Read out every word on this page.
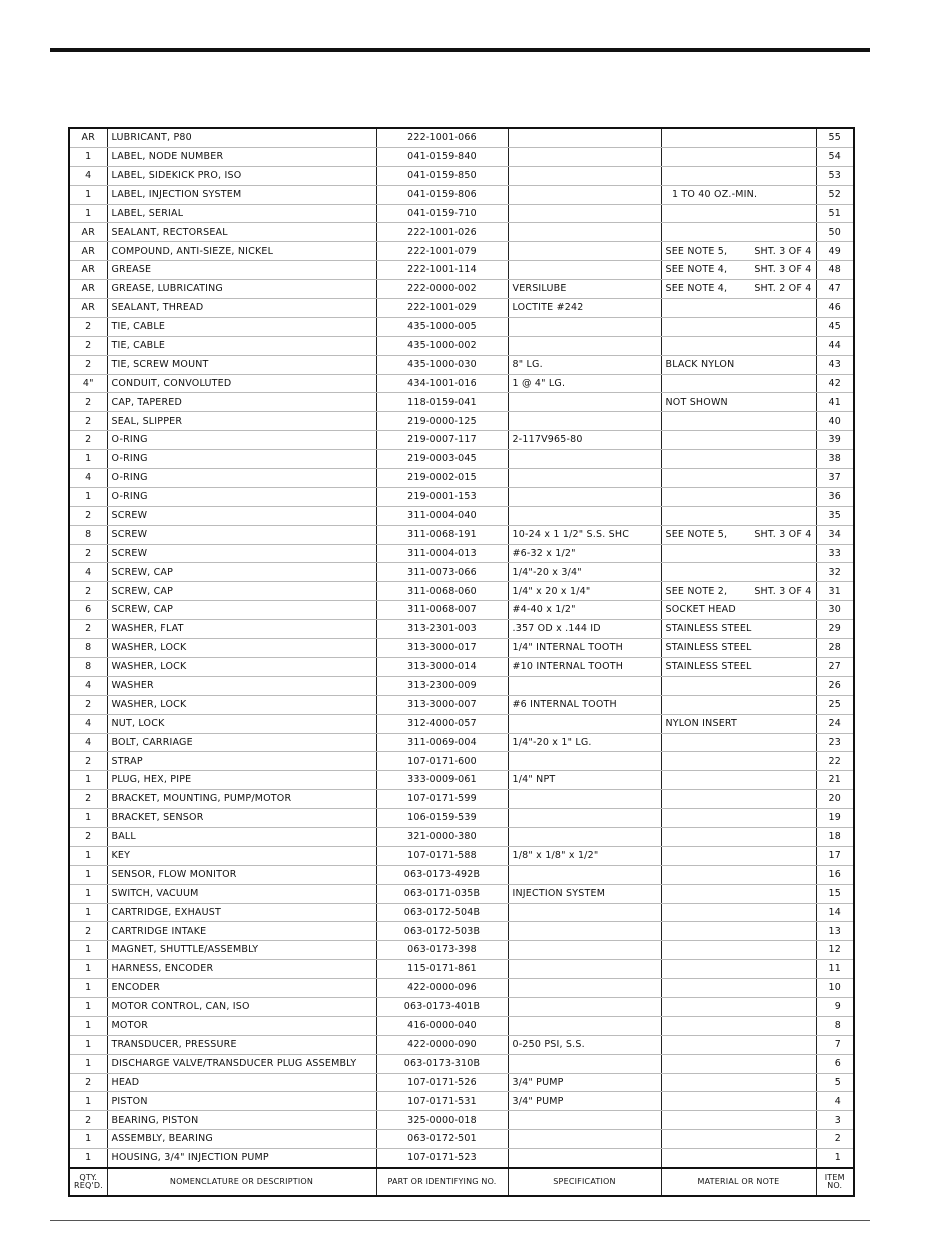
AR	LUBRICANT, P80	222-1001-066			55
1	LABEL, NODE NUMBER	041-0159-840			54
4	LABEL, SIDEKICK PRO, ISO	041-0159-850			53
1	LABEL, INJECTION SYSTEM	041-0159-806		1 TO 40 OZ.-MIN.	52
1	LABEL, SERIAL	041-0159-710			51
AR	SEALANT, RECTORSEAL	222-1001-026			50
AR	COMPOUND, ANTI-SIEZE, NICKEL	222-1001-079		SEE NOTE 5, SHT. 3 OF 4	49
AR	GREASE	222-1001-114		SEE NOTE 4, SHT. 3 OF 4	48
AR	GREASE, LUBRICATING	222-0000-002	VERSILUBE	SEE NOTE 4, SHT. 2 OF 4	47
AR	SEALANT, THREAD	222-1001-029	LOCTITE #242		46
2	TIE, CABLE	435-1000-005			45
2	TIE, CABLE	435-1000-002			44
2	TIE, SCREW MOUNT	435-1000-030	8" LG.	BLACK NYLON	43
4"	CONDUIT, CONVOLUTED	434-1001-016	1 @ 4" LG.		42
2	CAP, TAPERED	118-0159-041		NOT SHOWN	41
2	SEAL, SLIPPER	219-0000-125			40
2	O-RING	219-0007-117	2-117V965-80		39
1	O-RING	219-0003-045			38
4	O-RING	219-0002-015			37
1	O-RING	219-0001-153			36
2	SCREW	311-0004-040			35
8	SCREW	311-0068-191	10-24 x 1 1/2" S.S. SHC	SEE NOTE 5, SHT. 3 OF 4	34
2	SCREW	311-0004-013	#6-32 x 1/2"		33
4	SCREW, CAP	311-0073-066	1/4"-20 x 3/4"		32
2	SCREW, CAP	311-0068-060	1/4" x 20 x 1/4"	SEE NOTE 2, SHT. 3 OF 4	31
6	SCREW, CAP	311-0068-007	#4-40 x 1/2"	SOCKET HEAD	30
2	WASHER, FLAT	313-2301-003	.357 OD x .144 ID	STAINLESS STEEL	29
8	WASHER, LOCK	313-3000-017	1/4" INTERNAL TOOTH	STAINLESS STEEL	28
8	WASHER, LOCK	313-3000-014	#10 INTERNAL TOOTH	STAINLESS STEEL	27
4	WASHER	313-2300-009			26
2	WASHER, LOCK	313-3000-007	#6 INTERNAL TOOTH		25
4	NUT, LOCK	312-4000-057		NYLON INSERT	24
4	BOLT, CARRIAGE	311-0069-004	1/4"-20 x 1" LG.		23
2	STRAP	107-0171-600			22
1	PLUG, HEX, PIPE	333-0009-061	1/4" NPT		21
2	BRACKET, MOUNTING, PUMP/MOTOR	107-0171-599			20
1	BRACKET, SENSOR	106-0159-539			19
2	BALL	321-0000-380			18
1	KEY	107-0171-588	1/8" x 1/8" x 1/2"		17
1	SENSOR, FLOW MONITOR	063-0173-492B			16
1	SWITCH, VACUUM	063-0171-035B	INJECTION SYSTEM		15
1	CARTRIDGE, EXHAUST	063-0172-504B			14
2	CARTRIDGE INTAKE	063-0172-503B			13
1	MAGNET, SHUTTLE/ASSEMBLY	063-0173-398			12
1	HARNESS, ENCODER	115-0171-861			11
1	ENCODER	422-0000-096			10
1	MOTOR CONTROL, CAN, ISO	063-0173-401B			9
1	MOTOR	416-0000-040			8
1	TRANSDUCER, PRESSURE	422-0000-090	0-250 PSI, S.S.		7
1	DISCHARGE VALVE/TRANSDUCER PLUG ASSEMBLY	063-0173-310B			6
2	HEAD	107-0171-526	3/4" PUMP		5
1	PISTON	107-0171-531	3/4" PUMP		4
2	BEARING, PISTON	325-0000-018			3
1	ASSEMBLY, BEARING	063-0172-501			2
1	HOUSING, 3/4" INJECTION PUMP	107-0171-523			1
QTY. REQ'D.	NOMENCLATURE OR DESCRIPTION	PART OR IDENTIFYING NO.	SPECIFICATION	MATERIAL OR NOTE	ITEM NO.
